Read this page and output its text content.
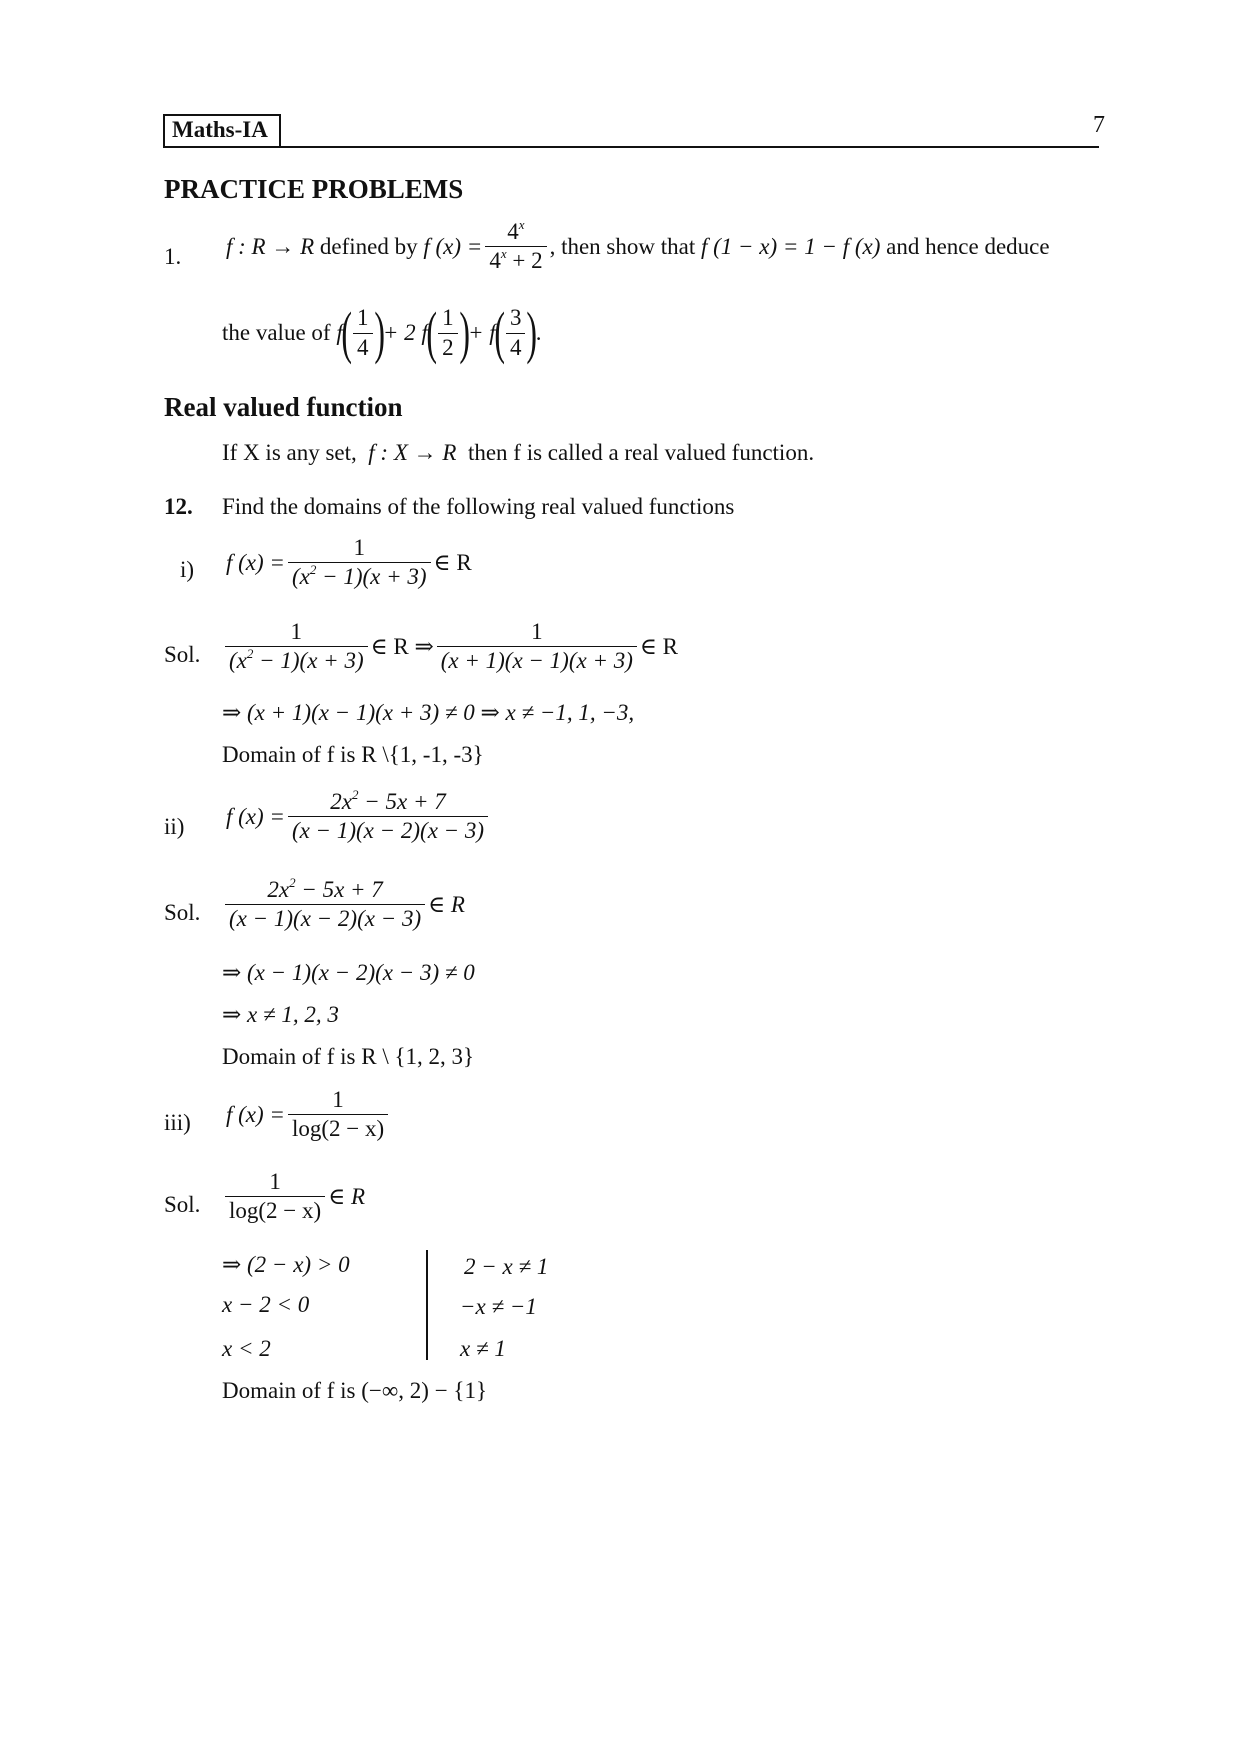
Maths-IA	7
PRACTICE PROBLEMS
1. f : R → R
defined by
f $(x) = \frac{4^x}{4^x + 2}$ , then show that
f (1 − x) = 1 − f (x)
and hence deduce
the value of
f
( $\frac{1}{4}$ )
+ 2 f
( $\frac{1}{2}$ )
+ f
( $\frac{3}{4}$ )
.
Real valued function
If X is any set, f : X → R then f is called a real valued function.
12. Find the domains of the following real valued functions
i) f $(x) = \frac{1}{(x^2 - 1)(x + 3)}$ ∈ R
Sol. $\frac{1}{(x^2 - 1)(x + 3)}$ ∈ R ⇒ $\frac{1}{(x + 1)(x - 1)(x + 3)}$ ∈ R
⇒ (x + 1)(x − 1)(x + 3) ≠ 0 ⇒ x ≠ −1, 1, −3,
Domain of f is R \{1, -1, -3}
ii) f $(x) = \frac{2x^2 - 5x + 7}{(x - 1)(x - 2)(x - 3)}$
Sol. $\frac{2x^2 - 5x + 7}{(x - 1)(x - 2)(x - 3)}$ ∈ R
⇒ (x − 1)(x − 2)(x − 3) ≠ 0
⇒ x ≠ 1, 2, 3
Domain of f is R \ {1, 2, 3}
iii) f $(x) = \frac{1}{\log(2 - x)}$
Sol. $\frac{1}{\log(2 - x)}$ ∈ R
⇒ (2 − x) > 0
x − 2 < 0
x < 2
2 − x ≠ 1
−x ≠ −1
x ≠ 1
Domain of f is (−∞, 2) − {1}
